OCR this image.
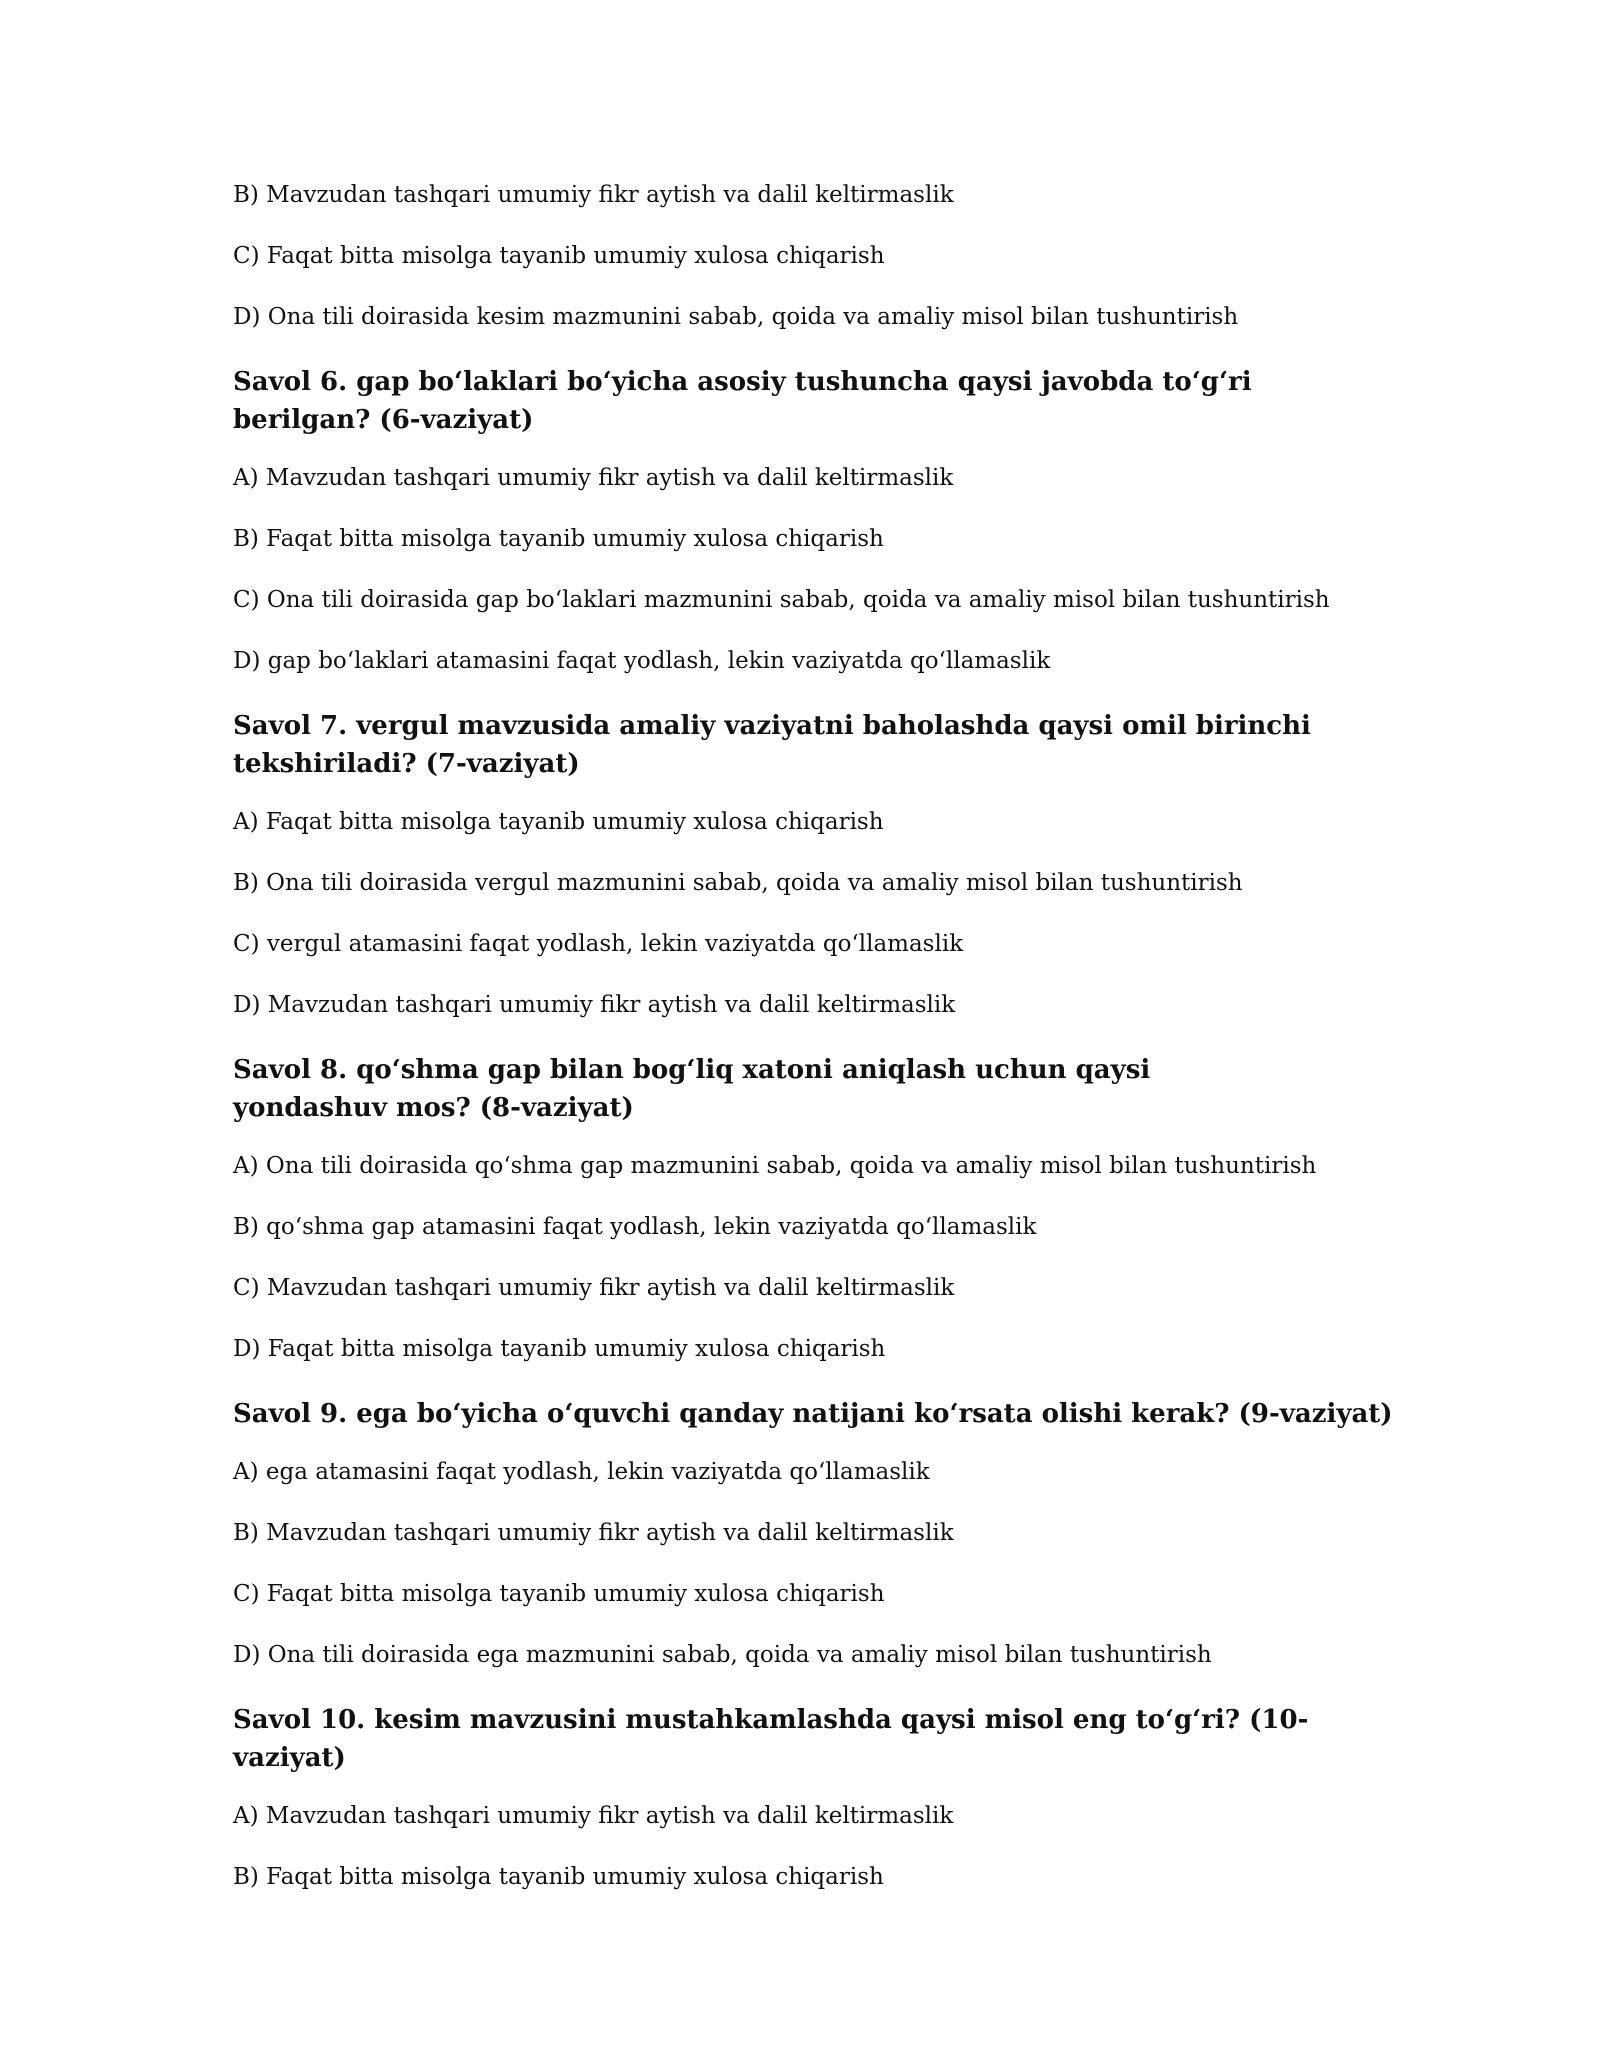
B) Mavzudan tashqari umumiy fikr aytish va dalil keltirmaslik

C) Faqat bitta misolga tayanib umumiy xulosa chiqarish

D) Ona tili doirasida kesim mazmunini sabab, qoida va amaliy misol bilan tushuntirish

Savol 6. gap boʻlaklari boʻyicha asosiy tushuncha qaysi javobda toʻgʻri berilgan? (6-vaziyat)

A) Mavzudan tashqari umumiy fikr aytish va dalil keltirmaslik

B) Faqat bitta misolga tayanib umumiy xulosa chiqarish

C) Ona tili doirasida gap boʻlaklari mazmunini sabab, qoida va amaliy misol bilan tushuntirish

D) gap boʻlaklari atamasini faqat yodlash, lekin vaziyatda qoʻllamaslik

Savol 7. vergul mavzusida amaliy vaziyatni baholashda qaysi omil birinchi tekshiriladi? (7-vaziyat)

A) Faqat bitta misolga tayanib umumiy xulosa chiqarish

B) Ona tili doirasida vergul mazmunini sabab, qoida va amaliy misol bilan tushuntirish

C) vergul atamasini faqat yodlash, lekin vaziyatda qoʻllamaslik

D) Mavzudan tashqari umumiy fikr aytish va dalil keltirmaslik

Savol 8. qoʻshma gap bilan bogʻliq xatoni aniqlash uchun qaysi yondashuv mos? (8-vaziyat)

A) Ona tili doirasida qoʻshma gap mazmunini sabab, qoida va amaliy misol bilan tushuntirish

B) qoʻshma gap atamasini faqat yodlash, lekin vaziyatda qoʻllamaslik

C) Mavzudan tashqari umumiy fikr aytish va dalil keltirmaslik

D) Faqat bitta misolga tayanib umumiy xulosa chiqarish

Savol 9. ega boʻyicha oʻquvchi qanday natijani koʻrsata olishi kerak? (9-vaziyat)

A) ega atamasini faqat yodlash, lekin vaziyatda qoʻllamaslik

B) Mavzudan tashqari umumiy fikr aytish va dalil keltirmaslik

C) Faqat bitta misolga tayanib umumiy xulosa chiqarish

D) Ona tili doirasida ega mazmunini sabab, qoida va amaliy misol bilan tushuntirish

Savol 10. kesim mavzusini mustahkamlashda qaysi misol eng toʻgʻri? (10-vaziyat)

A) Mavzudan tashqari umumiy fikr aytish va dalil keltirmaslik

B) Faqat bitta misolga tayanib umumiy xulosa chiqarish
